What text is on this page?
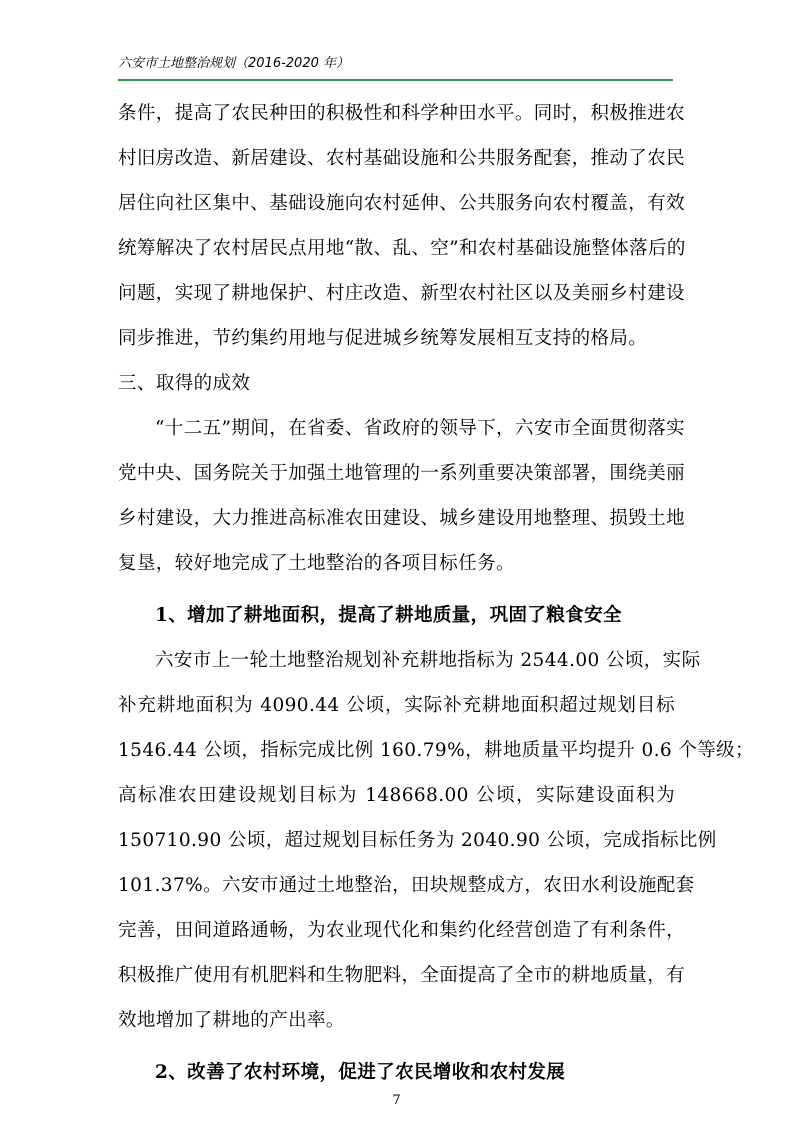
六安市土地整治规划（2016-2020 年）
条件，提高了农民种田的积极性和科学种田水平。同时，积极推进农
村旧房改造、新居建设、农村基础设施和公共服务配套，推动了农民
居住向社区集中、基础设施向农村延伸、公共服务向农村覆盖，有效
统筹解决了农村居民点用地“散、乱、空”和农村基础设施整体落后的
问题，实现了耕地保护、村庄改造、新型农村社区以及美丽乡村建设
同步推进，节约集约用地与促进城乡统筹发展相互支持的格局。
三、取得的成效
“十二五”期间，在省委、省政府的领导下，六安市全面贯彻落实
党中央、国务院关于加强土地管理的一系列重要决策部署，围绕美丽
乡村建设，大力推进高标准农田建设、城乡建设用地整理、损毁土地
复垦，较好地完成了土地整治的各项目标任务。
1、增加了耕地面积，提高了耕地质量，巩固了粮食安全
六安市上一轮土地整治规划补充耕地指标为 2544.00 公顷，实际
补充耕地面积为 4090.44 公顷，实际补充耕地面积超过规划目标
1546.44 公顷，指标完成比例 160.79%，耕地质量平均提升 0.6 个等级；
高标准农田建设规划目标为 148668.00 公顷，实际建设面积为
150710.90 公顷，超过规划目标任务为 2040.90 公顷，完成指标比例
101.37%。六安市通过土地整治，田块规整成方，农田水利设施配套
完善，田间道路通畅，为农业现代化和集约化经营创造了有利条件，
积极推广使用有机肥料和生物肥料，全面提高了全市的耕地质量，有
效地增加了耕地的产出率。
2、改善了农村环境，促进了农民增收和农村发展
7
